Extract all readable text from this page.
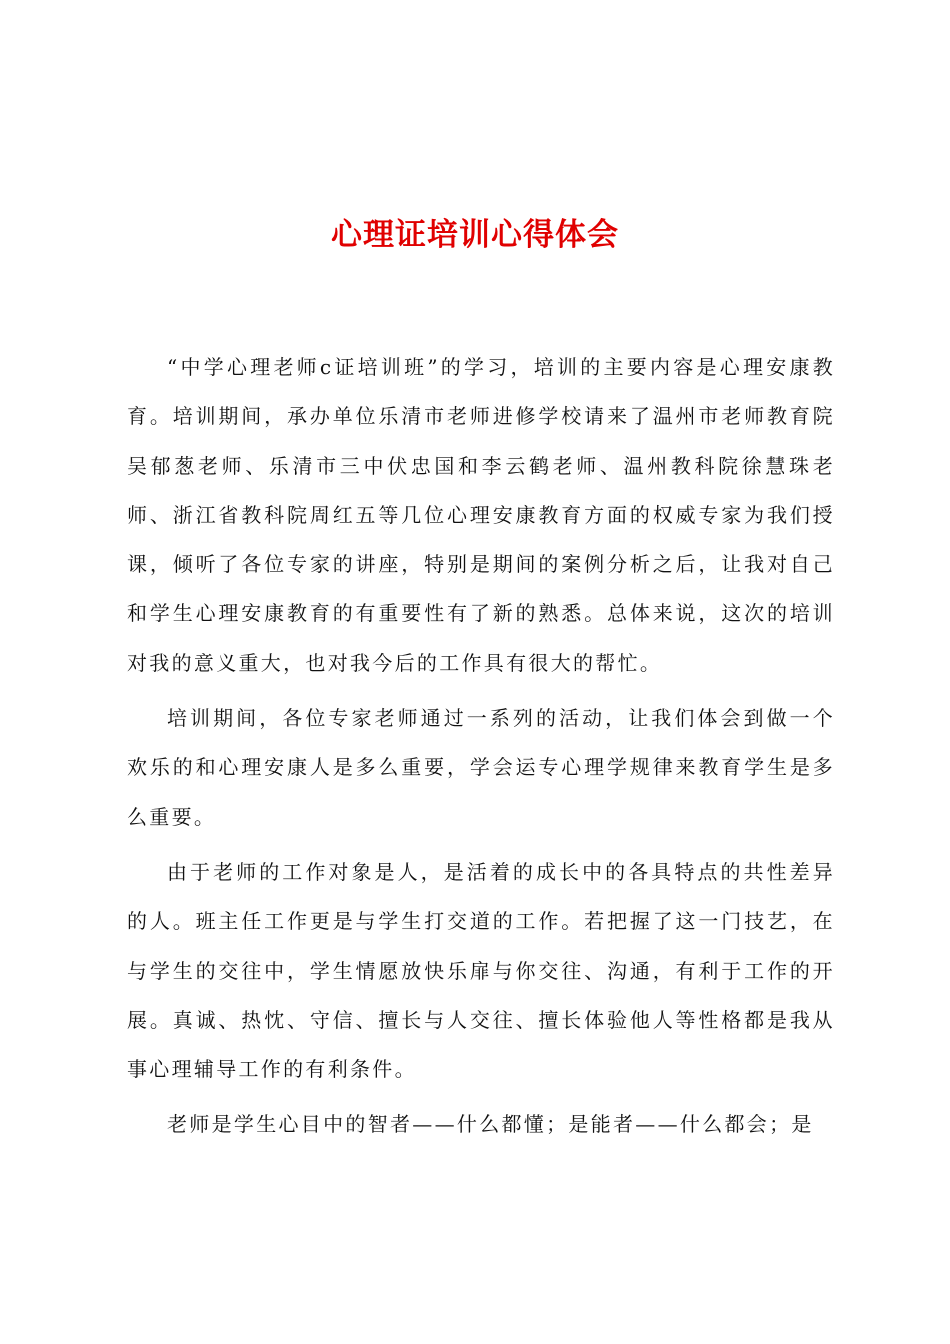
心理证培训心得体会

“中学心理老师c证培训班”的学习，培训的主要内容是心理安康教育。培训期间，承办单位乐清市老师进修学校请来了温州市老师教育院吴郁葱老师、乐清市三中伏忠国和李云鹤老师、温州教科院徐慧珠老师、浙江省教科院周红五等几位心理安康教育方面的权威专家为我们授课，倾听了各位专家的讲座，特别是期间的案例分析之后，让我对自己和学生心理安康教育的有重要性有了新的熟悉。总体来说，这次的培训对我的意义重大，也对我今后的工作具有很大的帮忙。

培训期间，各位专家老师通过一系列的活动，让我们体会到做一个欢乐的和心理安康人是多么重要，学会运专心理学规律来教育学生是多么重要。

由于老师的工作对象是人，是活着的成长中的各具特点的共性差异的人。班主任工作更是与学生打交道的工作。若把握了这一门技艺，在与学生的交往中，学生情愿放快乐扉与你交往、沟通，有利于工作的开展。真诚、热忱、守信、擅长与人交往、擅长体验他人等性格都是我从事心理辅导工作的有利条件。

老师是学生心目中的智者——什么都懂；是能者——什么都会；是
